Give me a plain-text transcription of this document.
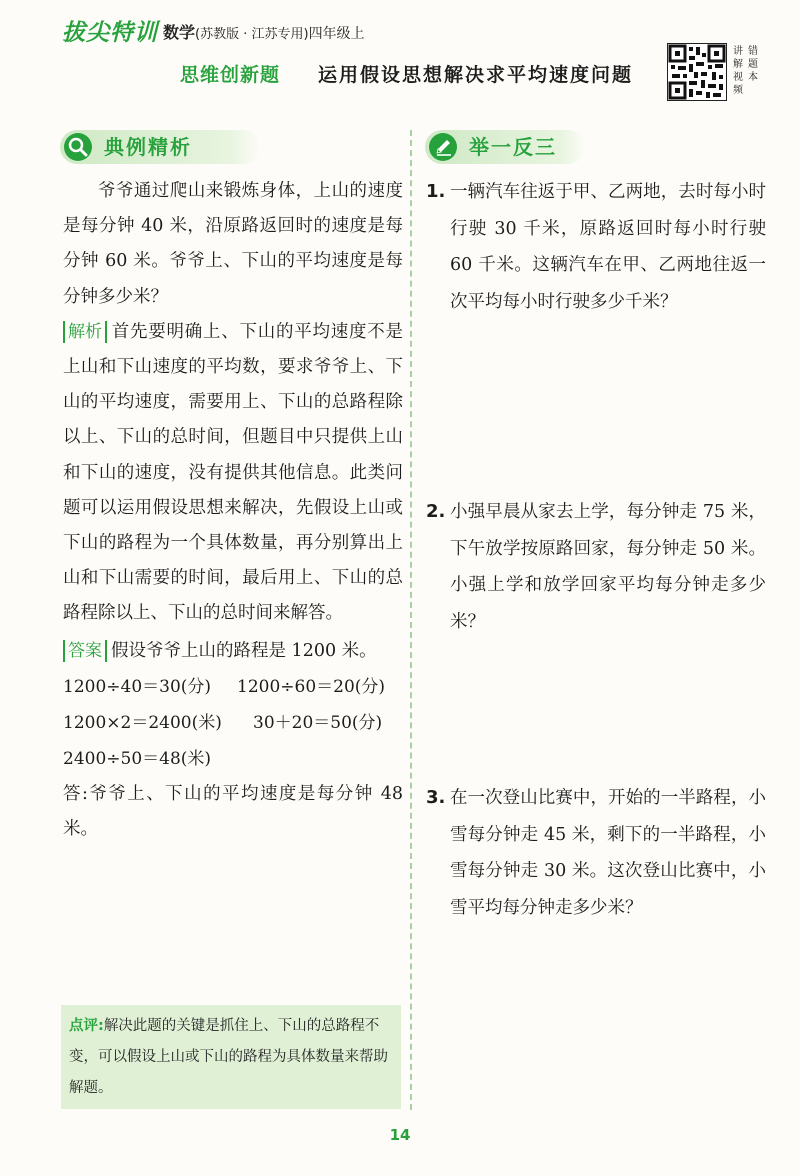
拔尖特训 数学(苏教版 · 江苏专用)四年级上
思维创新题 运用假设思想解决求平均速度问题
讲解视频
错题本
典例精析	举一反三

爷爷通过爬山来锻炼身体，上山的速度是每分钟 40 米，沿原路返回时的速度是每分钟 60 米。爷爷上、下山的平均速度是每分钟多少米？

解析 首先要明确上、下山的平均速度不是上山和下山速度的平均数，要求爷爷上、下山的平均速度，需要用上、下山的总路程除以上、下山的总时间，但题目中只提供上山和下山的速度，没有提供其他信息。此类问题可以运用假设思想来解决，先假设上山或下山的路程为一个具体数量，再分别算出上山和下山需要的时间，最后用上、下山的总路程除以上、下山的总时间来解答。

答案 假设爷爷上山的路程是 1200 米。

1200÷40＝30(分) 1200÷60＝20(分)
1200×2＝2400(米) 30＋20＝50(分)
2400÷50＝48(米)

答:爷爷上、下山的平均速度是每分钟 48 米。

点评:解决此题的关键是抓住上、下山的总路程不变，可以假设上山或下山的路程为具体数量来帮助解题。
1. 一辆汽车往返于甲、乙两地，去时每小时行驶 30 千米，原路返回时每小时行驶 60 千米。这辆汽车在甲、乙两地往返一次平均每小时行驶多少千米？

2. 小强早晨从家去上学，每分钟走 75 米，下午放学按原路回家，每分钟走 50 米。小强上学和放学回家平均每分钟走多少米？

3. 在一次登山比赛中，开始的一半路程，小雪每分钟走 45 米，剩下的一半路程，小雪每分钟走 30 米。这次登山比赛中，小雪平均每分钟走多少米？

14
